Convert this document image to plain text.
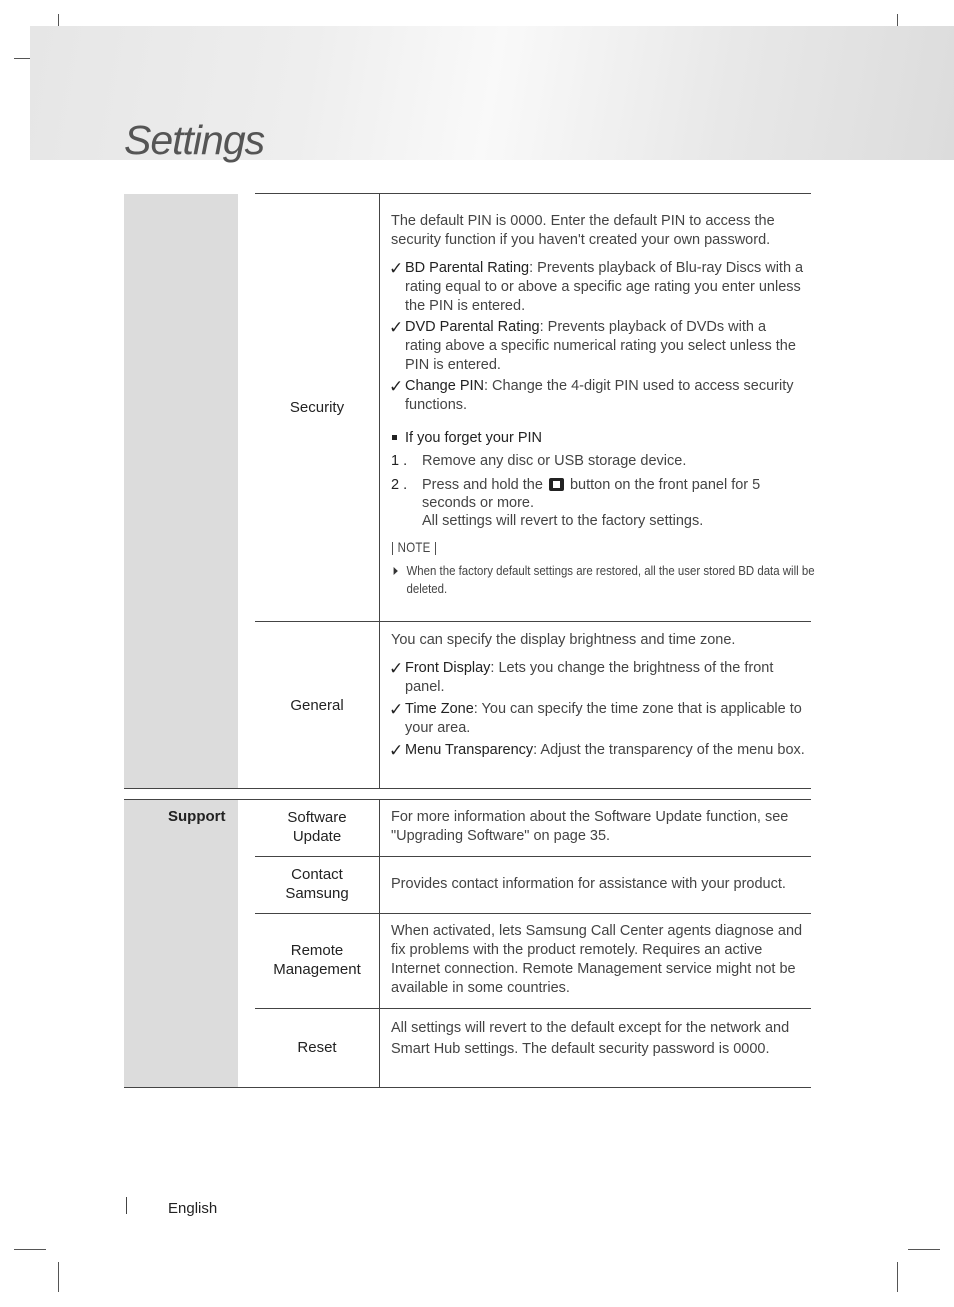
Settings
Security

The default PIN is 0000. Enter the default PIN to access the security function if you haven't created your own password.

✓ BD Parental Rating: Prevents playback of Blu-ray Discs with a rating equal to or above a specific age rating you enter unless the PIN is entered.

✓ DVD Parental Rating: Prevents playback of DVDs with a rating above a specific numerical rating you select unless the PIN is entered.

✓ Change PIN: Change the 4-digit PIN used to access security functions.

If you forget your PIN

1 . Remove any disc or USB storage device.

2 . Press and hold the button on the front panel for 5 seconds or more.
All settings will revert to the factory settings.

| NOTE |
When the factory default settings are restored, all the user stored BD data will be deleted.
General

You can specify the display brightness and time zone.

✓ Front Display: Lets you change the brightness of the front panel.

✓ Time Zone: You can specify the time zone that is applicable to your area.

✓ Menu Transparency: Adjust the transparency of the menu box.

Support	Software Update
For more information about the Software Update function, see "Upgrading Software" on page 35.
Contact Samsung
Provides contact information for assistance with your product.
Remote Management
When activated, lets Samsung Call Center agents diagnose and fix problems with the product remotely. Requires an active Internet connection. Remote Management service might not be available in some countries.
Reset
All settings will revert to the default except for the network and Smart Hub settings. The default security password is 0000.
English
